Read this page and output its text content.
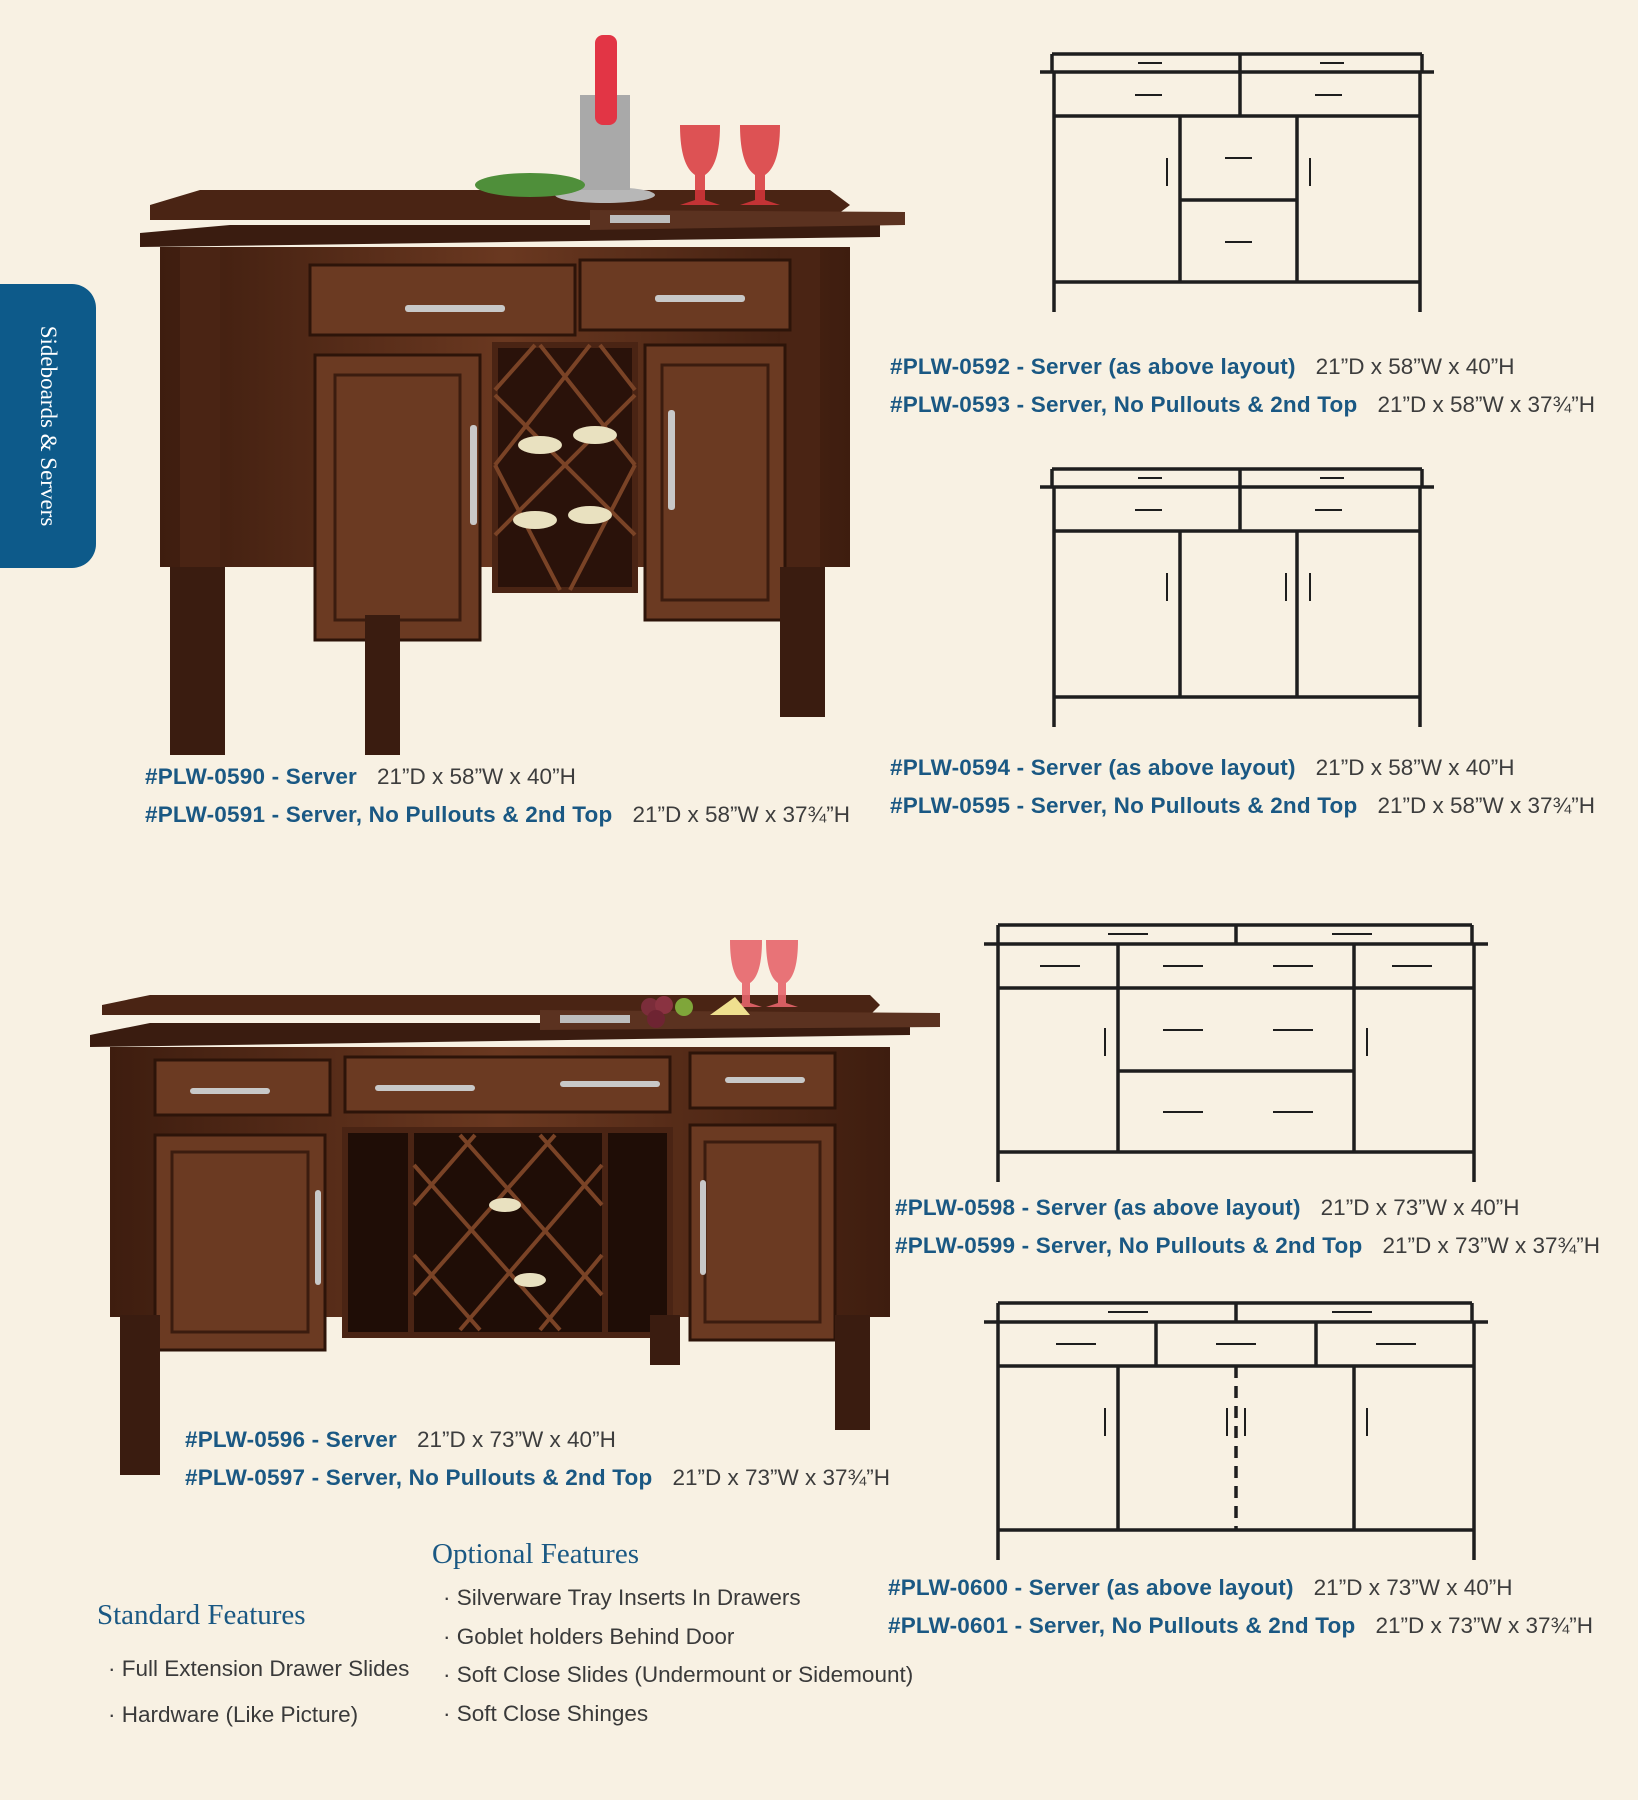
Sideboards & Servers
#PLW-0590 - Server 21”D x 58”W x 40”H
#PLW-0591 - Server, No Pullouts & 2nd Top 21”D x 58”W x 37¾”H
#PLW-0592 - Server (as above layout) 21”D x 58”W x 40”H
#PLW-0593 - Server, No Pullouts & 2nd Top 21”D x 58”W x 37¾”H
#PLW-0594 - Server (as above layout) 21”D x 58”W x 40”H
#PLW-0595 - Server, No Pullouts & 2nd Top 21”D x 58”W x 37¾”H
#PLW-0596 - Server 21”D x 73”W x 40”H
#PLW-0597 - Server, No Pullouts & 2nd Top 21”D x 73”W x 37¾”H
#PLW-0598 - Server (as above layout) 21”D x 73”W x 40”H
#PLW-0599 - Server, No Pullouts & 2nd Top 21”D x 73”W x 37¾”H
#PLW-0600 - Server (as above layout) 21”D x 73”W x 40”H
#PLW-0601 - Server, No Pullouts & 2nd Top 21”D x 73”W x 37¾”H
Optional Features
· Silverware Tray Inserts In Drawers
· Goblet holders Behind Door
· Soft Close Slides (Undermount or Sidemount)
· Soft Close Shinges
Standard Features
· Full Extension Drawer Slides
· Hardware (Like Picture)
